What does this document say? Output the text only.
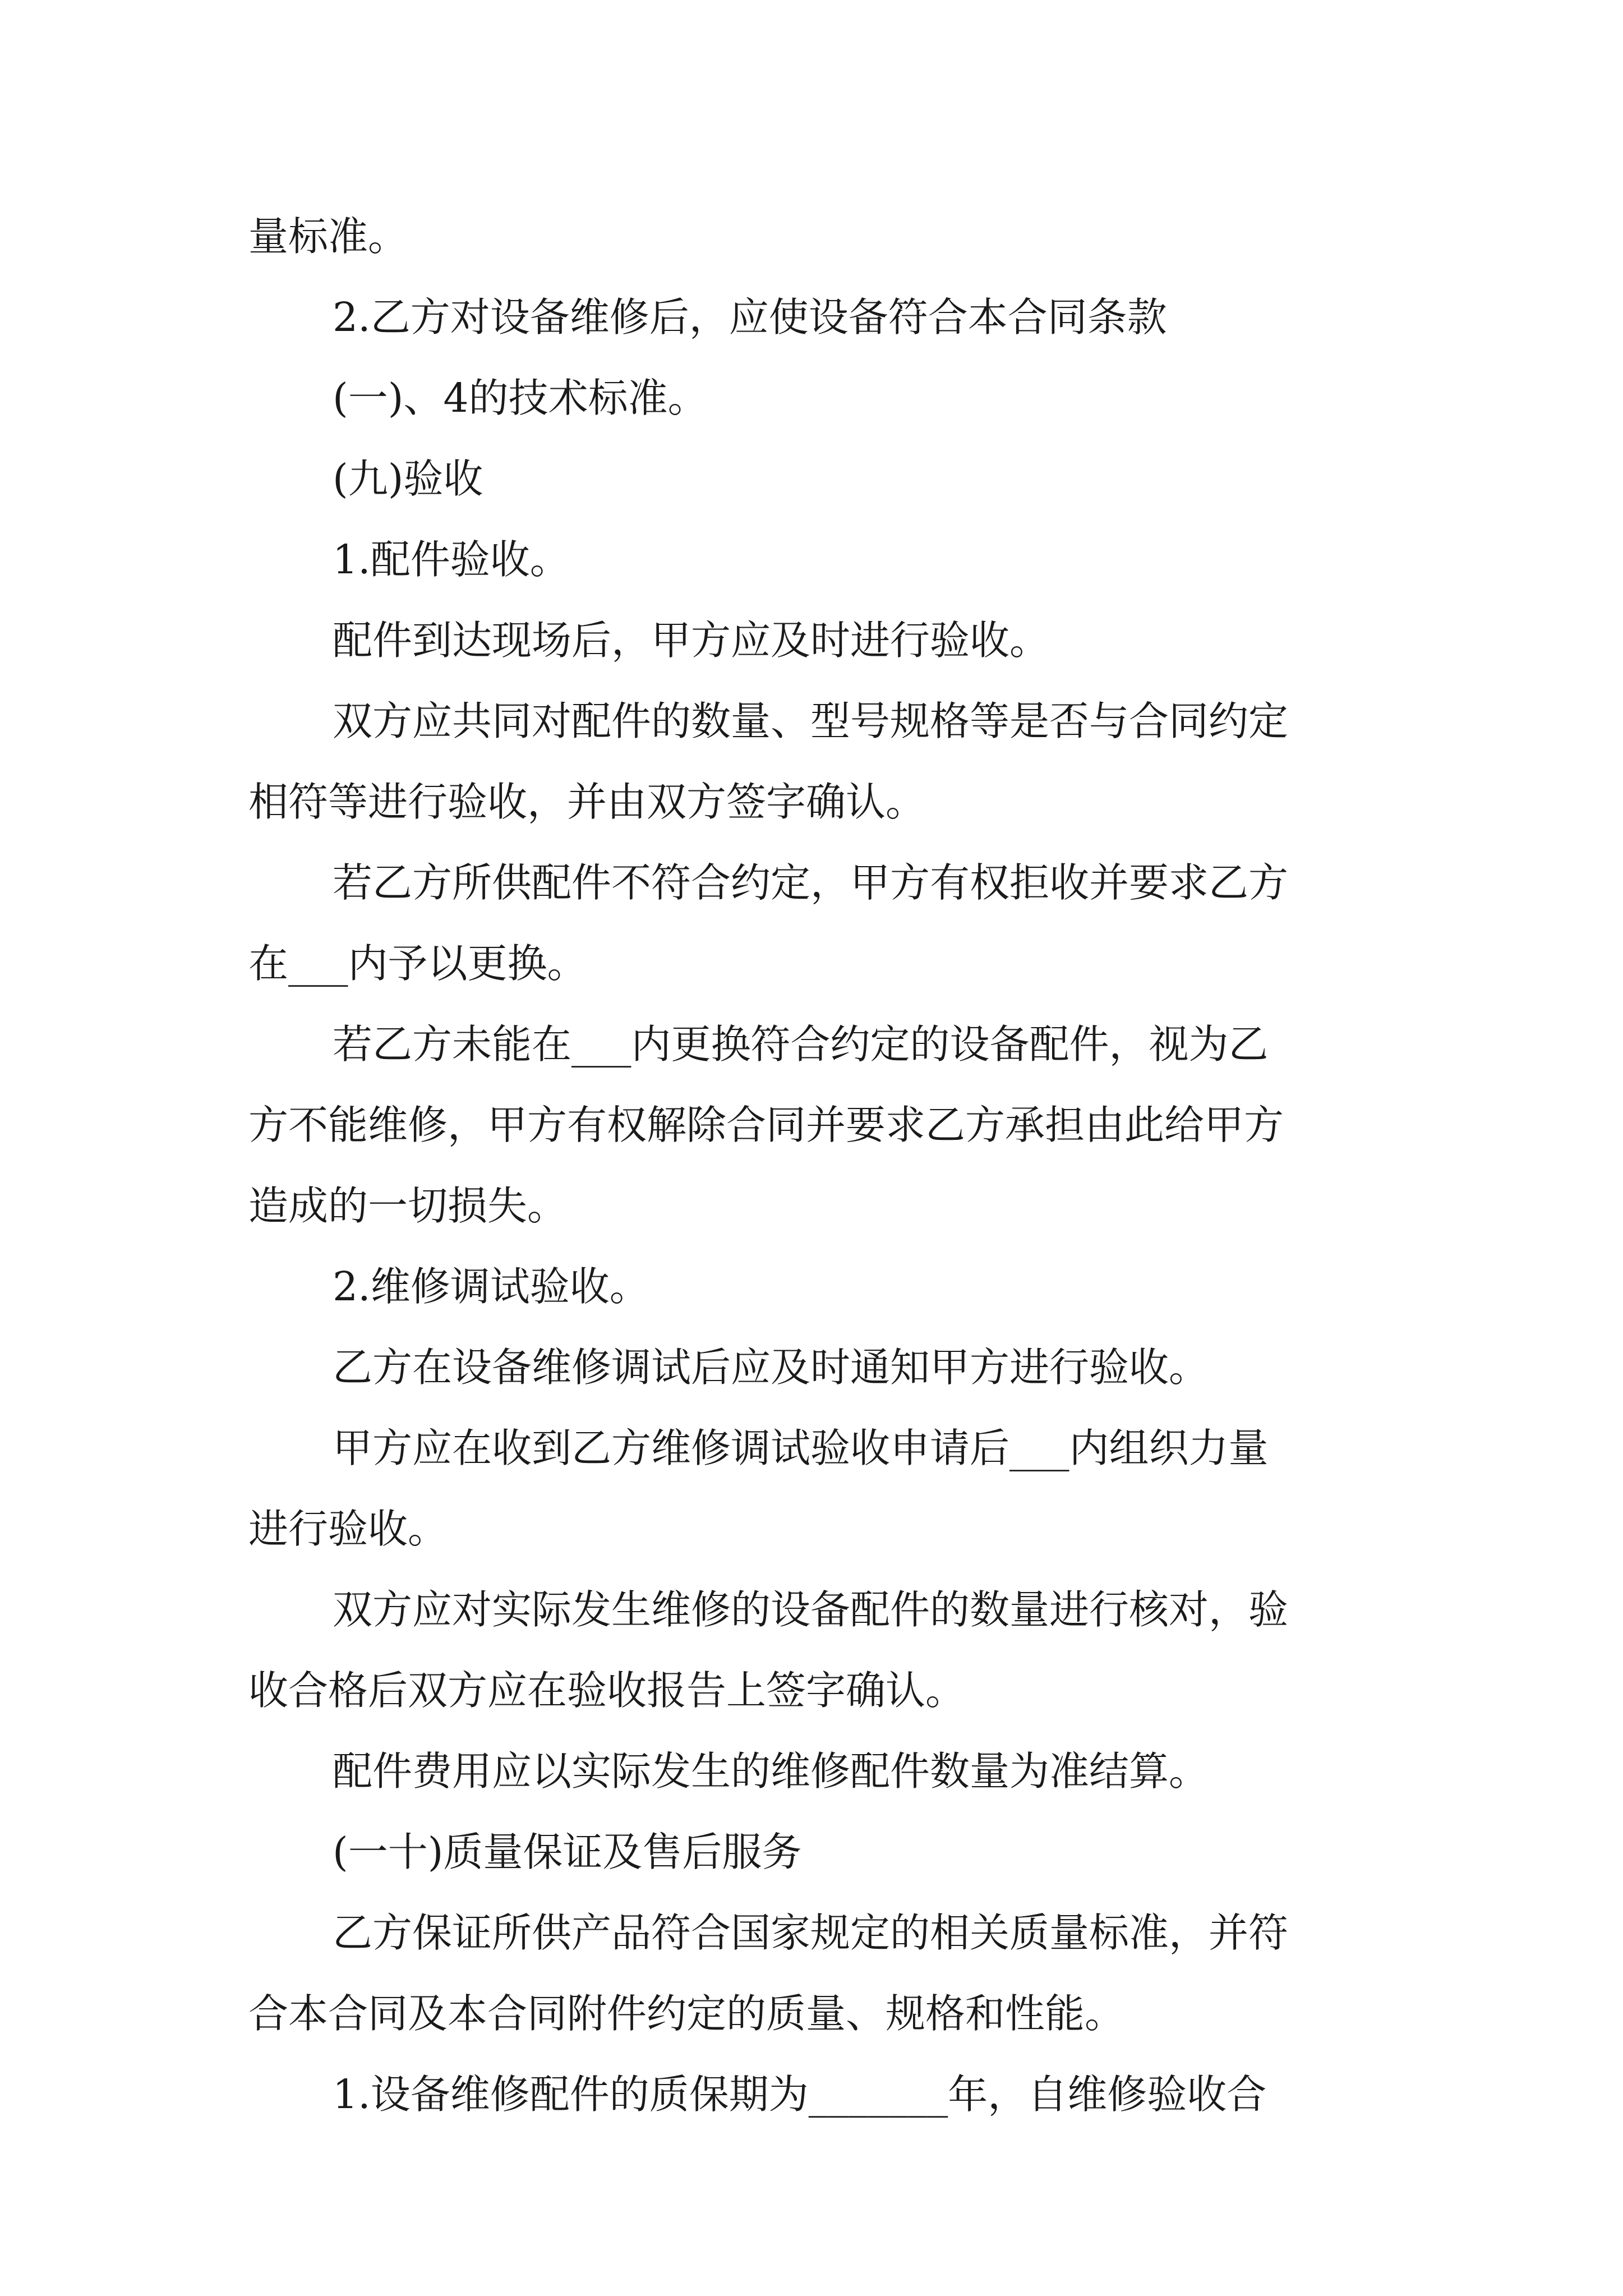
量标准。
2.乙方对设备维修后，应使设备符合本合同条款
(一)、4的技术标准。
(九)验收
1.配件验收。
配件到达现场后，甲方应及时进行验收。
双方应共同对配件的数量、型号规格等是否与合同约定
相符等进行验收，并由双方签字确认。
若乙方所供配件不符合约定，甲方有权拒收并要求乙方
在___内予以更换。
若乙方未能在___内更换符合约定的设备配件，视为乙
方不能维修，甲方有权解除合同并要求乙方承担由此给甲方
造成的一切损失。
2.维修调试验收。
乙方在设备维修调试后应及时通知甲方进行验收。
甲方应在收到乙方维修调试验收申请后___内组织力量
进行验收。
双方应对实际发生维修的设备配件的数量进行核对，验
收合格后双方应在验收报告上签字确认。
配件费用应以实际发生的维修配件数量为准结算。
(一十)质量保证及售后服务
乙方保证所供产品符合国家规定的相关质量标准，并符
合本合同及本合同附件约定的质量、规格和性能。
1.设备维修配件的质保期为_______年，自维修验收合
